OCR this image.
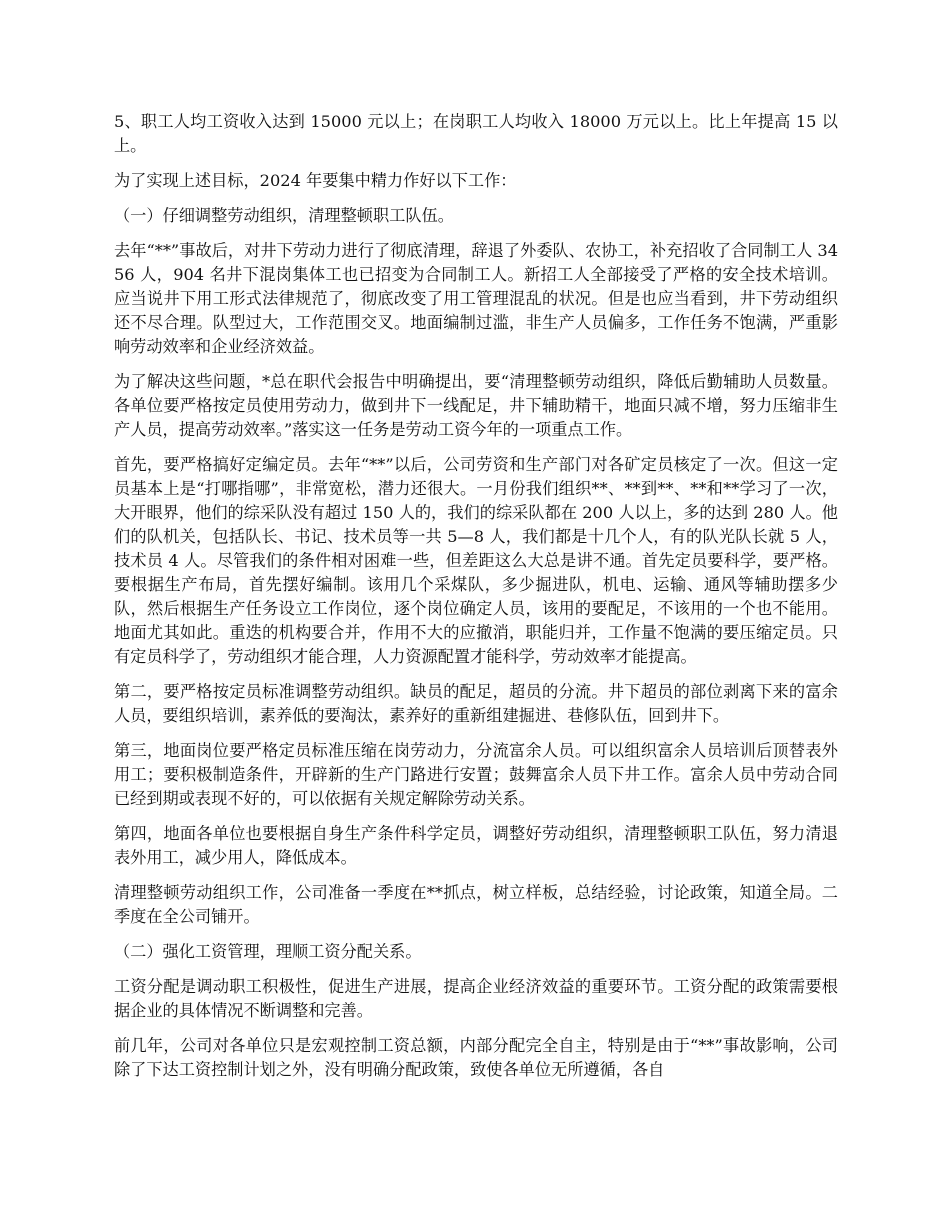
5、职工人均工资收入达到 15000 元以上；在岗职工人均收入 18000 万元以上。比上年提高 15 以上。

为了实现上述目标，2024 年要集中精力作好以下工作：

（一）仔细调整劳动组织，清理整顿职工队伍。

去年“**”事故后，对井下劳动力进行了彻底清理，辞退了外委队、农协工，补充招收了合同制工人 3456 人，904 名井下混岗集体工也已招变为合同制工人。新招工人全部接受了严格的安全技术培训。应当说井下用工形式法律规范了，彻底改变了用工管理混乱的状况。但是也应当看到，井下劳动组织还不尽合理。队型过大，工作范围交叉。地面编制过滥，非生产人员偏多，工作任务不饱满，严重影响劳动效率和企业经济效益。

为了解决这些问题，*总在职代会报告中明确提出，要“清理整顿劳动组织，降低后勤辅助人员数量。各单位要严格按定员使用劳动力，做到井下一线配足，井下辅助精干，地面只减不增，努力压缩非生产人员，提高劳动效率。”落实这一任务是劳动工资今年的一项重点工作。

首先，要严格搞好定编定员。去年“**”以后，公司劳资和生产部门对各矿定员核定了一次。但这一定员基本上是“打哪指哪”，非常宽松，潜力还很大。一月份我们组织**、**到**、**和**学习了一次，大开眼界，他们的综采队没有超过 150 人的，我们的综采队都在 200 人以上，多的达到 280 人。他们的队机关，包括队长、书记、技术员等一共 5—8 人，我们都是十几个人，有的队光队长就 5 人，技术员 4 人。尽管我们的条件相对困难一些，但差距这么大总是讲不通。首先定员要科学，要严格。要根据生产布局，首先摆好编制。该用几个采煤队，多少掘进队，机电、运输、通风等辅助摆多少队，然后根据生产任务设立工作岗位，逐个岗位确定人员，该用的要配足，不该用的一个也不能用。地面尤其如此。重迭的机构要合并，作用不大的应撤消，职能归并，工作量不饱满的要压缩定员。只有定员科学了，劳动组织才能合理，人力资源配置才能科学，劳动效率才能提高。

第二，要严格按定员标准调整劳动组织。缺员的配足，超员的分流。井下超员的部位剥离下来的富余人员，要组织培训，素养低的要淘汰，素养好的重新组建掘进、巷修队伍，回到井下。

第三，地面岗位要严格定员标准压缩在岗劳动力，分流富余人员。可以组织富余人员培训后顶替表外用工；要积极制造条件，开辟新的生产门路进行安置；鼓舞富余人员下井工作。富余人员中劳动合同已经到期或表现不好的，可以依据有关规定解除劳动关系。

第四，地面各单位也要根据自身生产条件科学定员，调整好劳动组织，清理整顿职工队伍，努力清退表外用工，减少用人，降低成本。

清理整顿劳动组织工作，公司准备一季度在**抓点，树立样板，总结经验，讨论政策，知道全局。二季度在全公司铺开。

（二）强化工资管理，理顺工资分配关系。

工资分配是调动职工积极性，促进生产进展，提高企业经济效益的重要环节。工资分配的政策需要根据企业的具体情况不断调整和完善。

前几年，公司对各单位只是宏观控制工资总额，内部分配完全自主，特别是由于“**”事故影响，公司除了下达工资控制计划之外，没有明确分配政策，致使各单位无所遵循，各自
